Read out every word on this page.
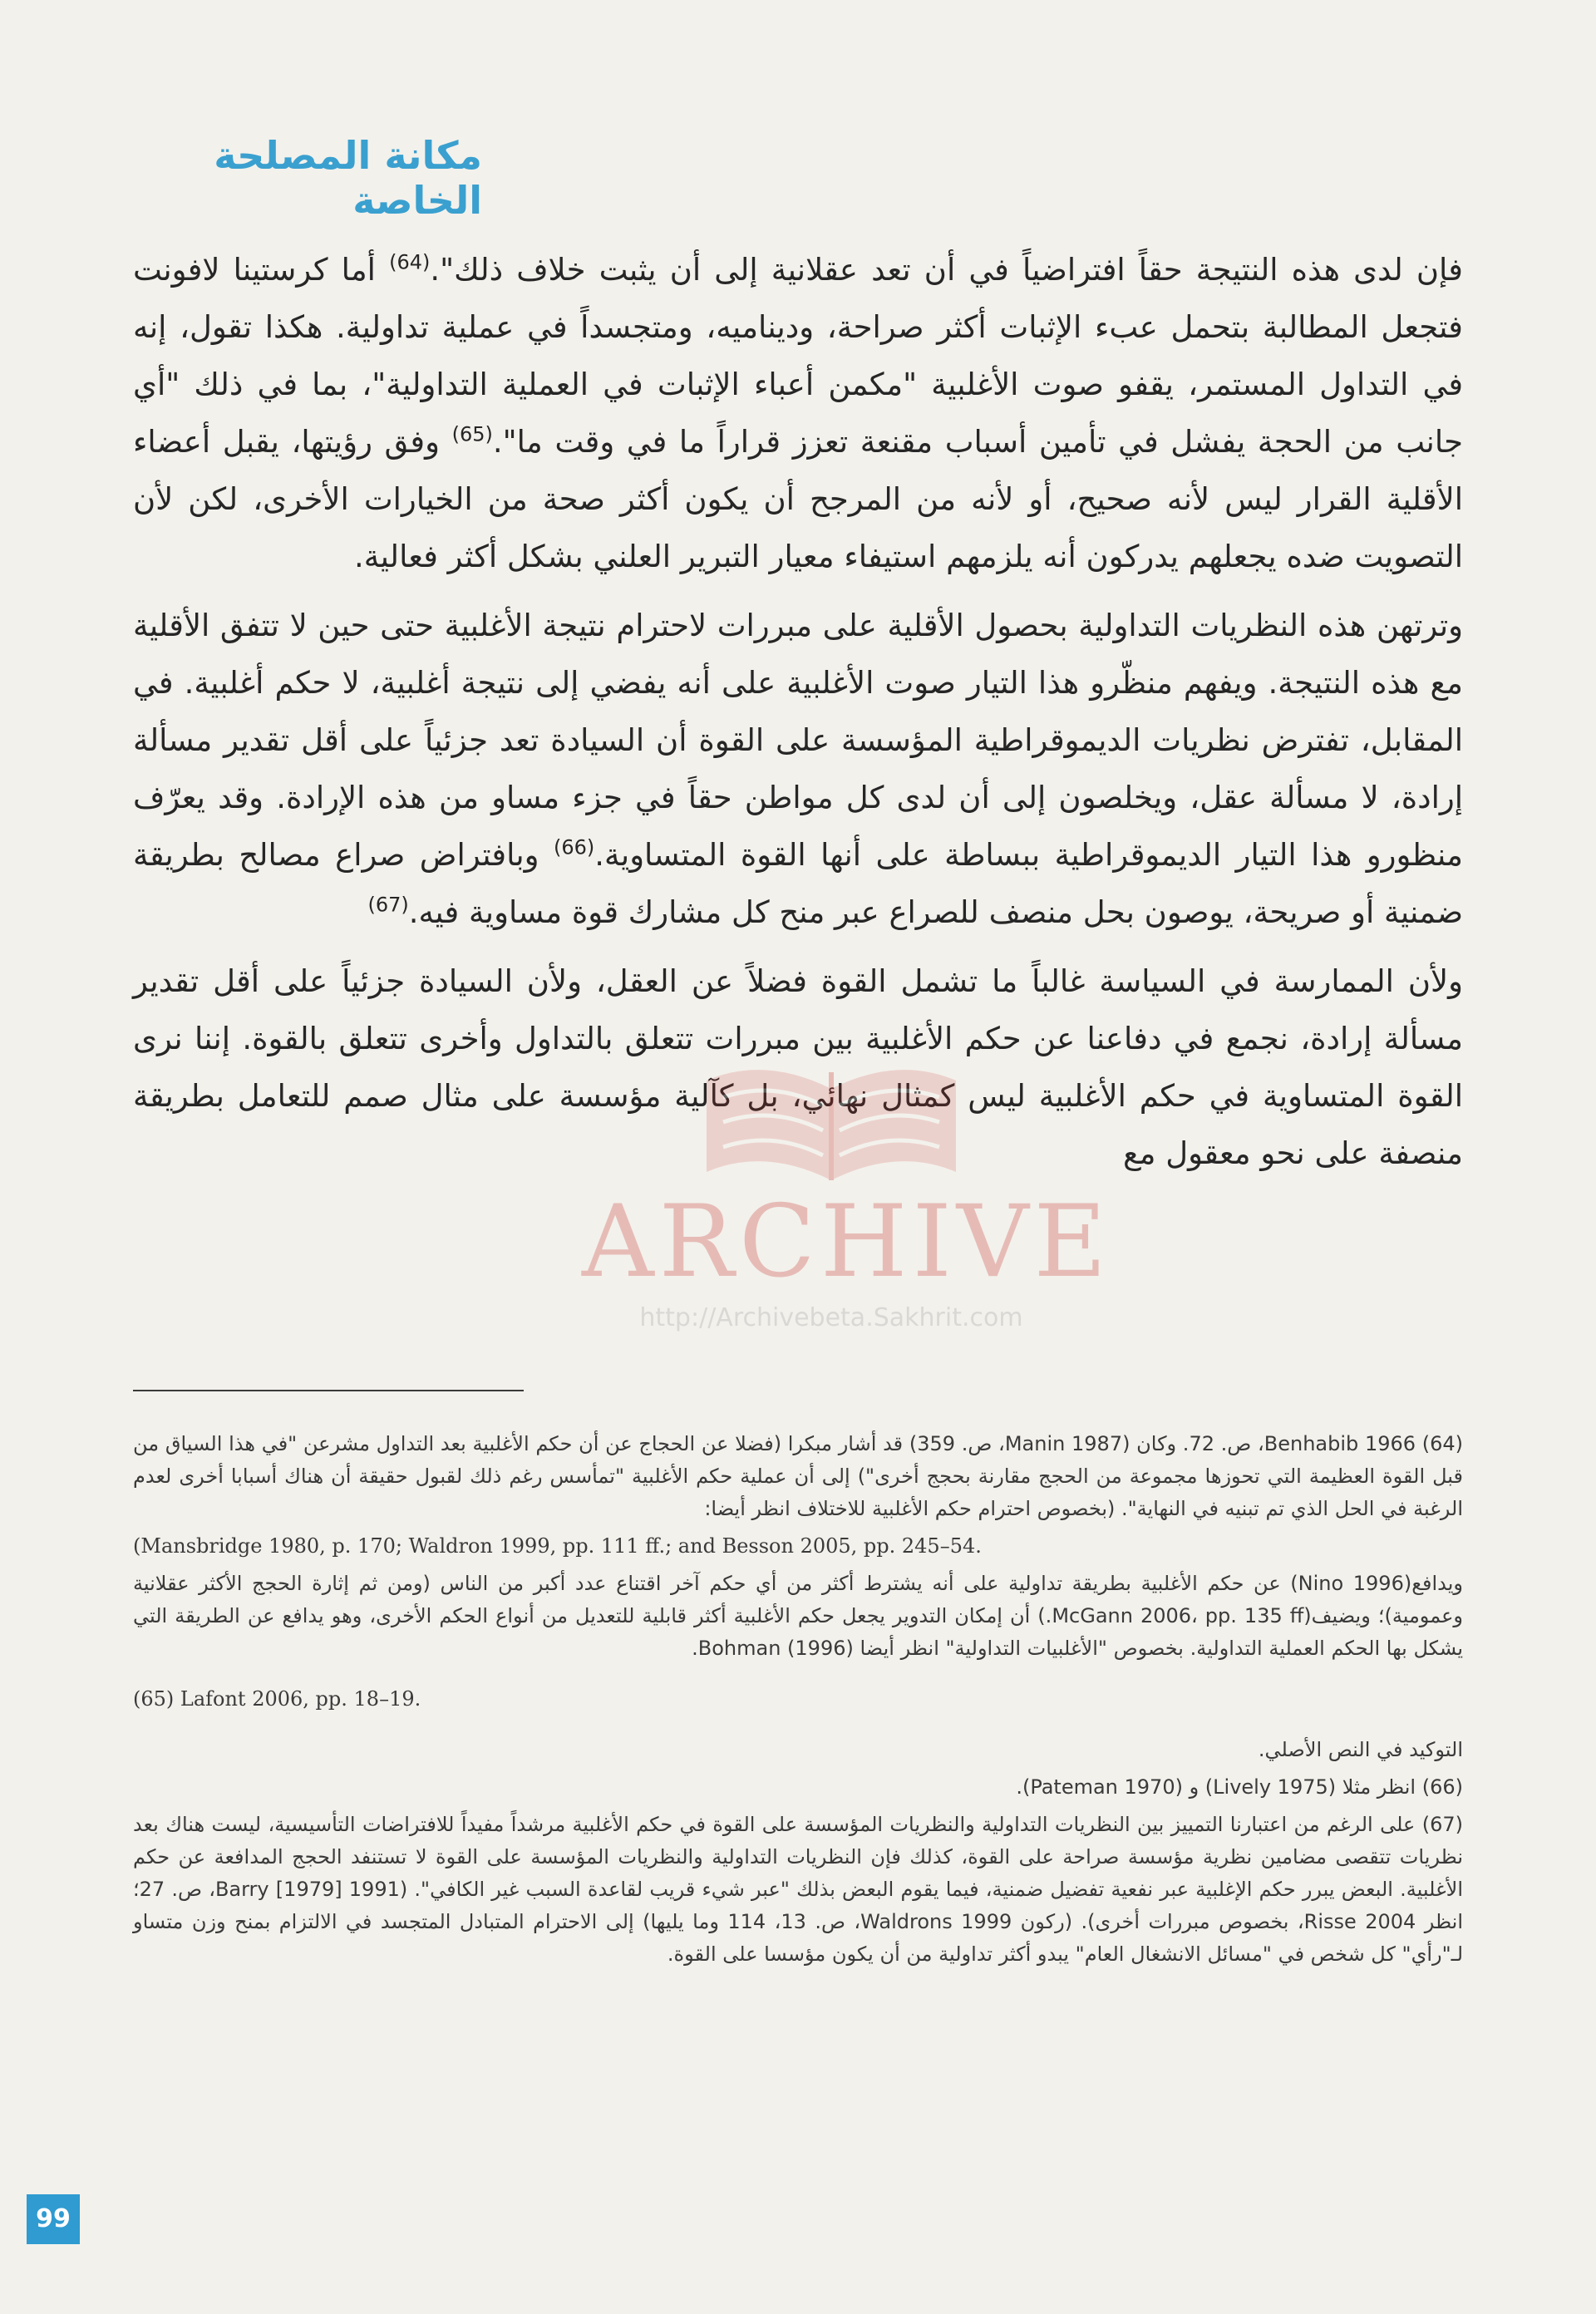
مكانة المصلحة الخاصة

فإن لدى هذه النتيجة حقاً افتراضياً في أن تعد عقلانية إلى أن يثبت خلاف ذلك".$^{(64)}$ أما كرستينا لافونت فتجعل المطالبة بتحمل عبء الإثبات أكثر صراحة، وديناميه، ومتجسداً في عملية تداولية. هكذا تقول، إنه في التداول المستمر، يقفو صوت الأغلبية "مكمن أعباء الإثبات في العملية التداولية"، بما في ذلك "أي جانب من الحجة يفشل في تأمين أسباب مقنعة تعزز قراراً ما في وقت ما".$^{(65)}$ وفق رؤيتها، يقبل أعضاء الأقلية القرار ليس لأنه صحيح، أو لأنه من المرجح أن يكون أكثر صحة من الخيارات الأخرى، لكن لأن التصويت ضده يجعلهم يدركون أنه يلزمهم استيفاء معيار التبرير العلني بشكل أكثر فعالية.

وترتهن هذه النظريات التداولية بحصول الأقلية على مبررات لاحترام نتيجة الأغلبية حتى حين لا تتفق الأقلية مع هذه النتيجة. ويفهم منظّرو هذا التيار صوت الأغلبية على أنه يفضي إلى نتيجة أغلبية، لا حكم أغلبية. في المقابل، تفترض نظريات الديموقراطية المؤسسة على القوة أن السيادة تعد جزئياً على أقل تقدير مسألة إرادة، لا مسألة عقل، ويخلصون إلى أن لدى كل مواطن حقاً في جزء مساو من هذه الإرادة. وقد يعرّف منظورو هذا التيار الديموقراطية ببساطة على أنها القوة المتساوية.$^{(66)}$ وبافتراض صراع مصالح بطريقة ضمنية أو صريحة، يوصون بحل منصف للصراع عبر منح كل مشارك قوة مساوية فيه.$^{(67)}$

ولأن الممارسة في السياسة غالباً ما تشمل القوة فضلاً عن العقل، ولأن السيادة جزئياً على أقل تقدير مسألة إرادة، نجمع في دفاعنا عن حكم الأغلبية بين مبررات تتعلق بالتداول وأخرى تتعلق بالقوة. إننا نرى القوة المتساوية في حكم الأغلبية ليس كمثال نهائي، بل كآلية مؤسسة على مثال صمم للتعامل بطريقة منصفة على نحو معقول مع

(64) Benhabib 1966، ص. 72. وكان (Manin 1987، ص. 359) قد أشار مبكرا (فضلا عن الحجاج عن أن حكم الأغلبية بعد التداول مشرعن "في هذا السياق من قبل القوة العظيمة التي تحوزها مجموعة من الحجج مقارنة بحجج أخرى") إلى أن عملية حكم الأغلبية "تمأسس رغم ذلك لقبول حقيقة أن هناك أسبابا أخرى لعدم الرغبة في الحل الذي تم تبنيه في النهاية". (بخصوص احترام حكم الأغلبية للاختلاف انظر أيضا:

(Mansbridge 1980, p. 170; Waldron 1999, pp. 111 ff.; and Besson 2005, pp. 245–54.

ويدافع(Nino 1996) عن حكم الأغلبية بطريقة تداولية على أنه يشترط أكثر من أي حكم آخر اقتناع عدد أكبر من الناس (ومن ثم إثارة الحجج الأكثر عقلانية وعمومية)؛ ويضيف(McGann 2006، pp. 135 ff.) أن إمكان التدوير يجعل حكم الأغلبية أكثر قابلية للتعديل من أنواع الحكم الأخرى، وهو يدافع عن الطريقة التي يشكل بها الحكم العملية التداولية. بخصوص "الأغلبيات التداولية" انظر أيضا (1996) Bohman.

(65) Lafont 2006, pp. 18–19.

التوكيد في النص الأصلي.

(66) انظر مثلا (Lively 1975) و (Pateman 1970).

(67) على الرغم من اعتبارنا التمييز بين النظريات التداولية والنظريات المؤسسة على القوة في حكم الأغلبية مرشداً مفيداً للافتراضات التأسيسية، ليست هناك بعد نظريات تتقصى مضامين نظرية مؤسسة صراحة على القوة، كذلك فإن النظريات التداولية والنظريات المؤسسة على القوة لا تستنفد الحجج المدافعة عن حكم الأغلبية. البعض يبرر حكم الإغلبية عبر نفعية تفضيل ضمنية، فيما يقوم البعض بذلك "عبر شيء قريب لقاعدة السبب غير الكافي". (Barry [1979] 1991، ص. 27؛ انظر Risse 2004، بخصوص مبررات أخرى). (ركون Waldrons 1999، ص. 13، 114 وما يليها) إلى الاحترام المتبادل المتجسد في الالتزام بمنح وزن متساو لـ"رأي" كل شخص في "مسائل الانشغال العام" يبدو أكثر تداولية من أن يكون مؤسسا على القوة.

ARCHIVE
http://Archivebeta.Sakhrit.com
99
